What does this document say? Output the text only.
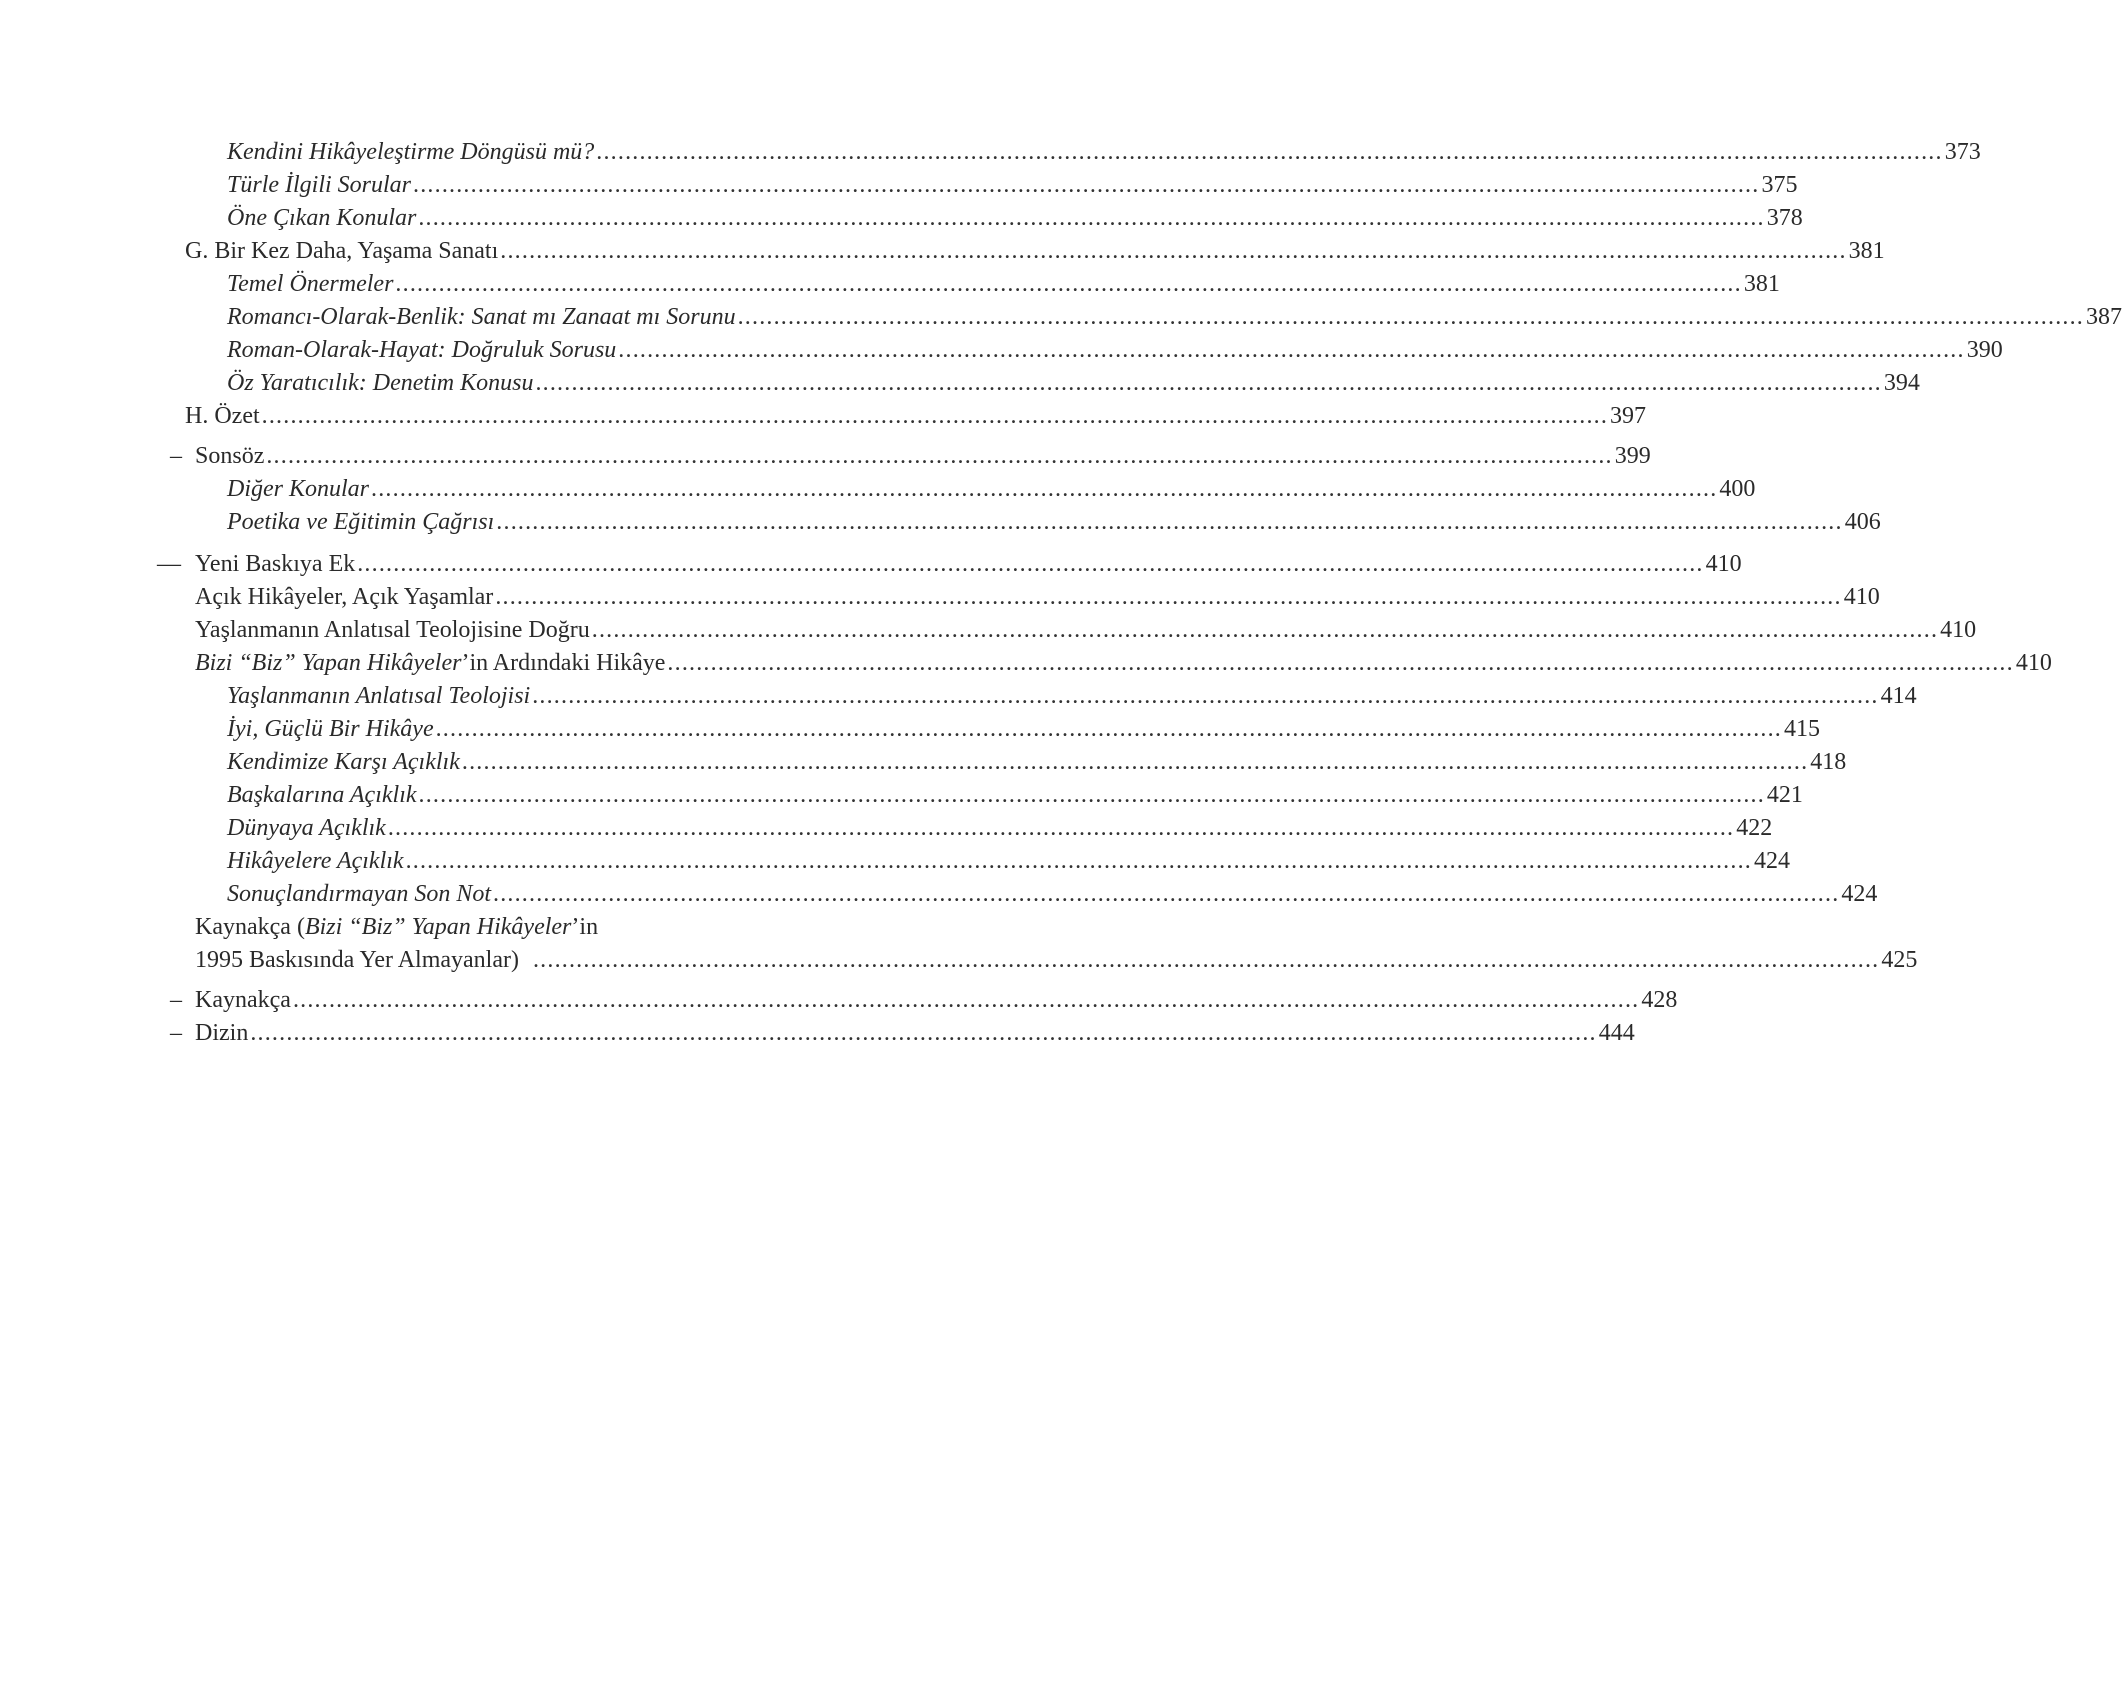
Kendini Hikâyeleştirme Döngüsü mü? ........................................................................................................................................................................................... 373
Türle İlgili Sorular ........................................................................................................................................................................................... 375
Öne Çıkan Konular ........................................................................................................................................................................................... 378
G. Bir Kez Daha, Yaşama Sanatı ........................................................................................................................................................................................... 381
Temel Önermeler ........................................................................................................................................................................................... 381
Romancı-Olarak-Benlik: Sanat mı Zanaat mı Sorunu ........................................................................................................................................................................................... 387
Roman-Olarak-Hayat: Doğruluk Sorusu ........................................................................................................................................................................................... 390
Öz Yaratıcılık: Denetim Konusu ........................................................................................................................................................................................... 394
H. Özet ........................................................................................................................................................................................... 397
– Sonsöz ........................................................................................................................................................................................... 399
Diğer Konular ........................................................................................................................................................................................... 400
Poetika ve Eğitimin Çağrısı ........................................................................................................................................................................................... 406
— Yeni Baskıya Ek ........................................................................................................................................................................................... 410
Açık Hikâyeler, Açık Yaşamlar ........................................................................................................................................................................................... 410
Yaşlanmanın Anlatısal Teolojisine Doğru ........................................................................................................................................................................................... 410
Bizi “Biz” Yapan Hikâyeler’in Ardındaki Hikâye ........................................................................................................................................................................................... 410
Yaşlanmanın Anlatısal Teolojisi ........................................................................................................................................................................................... 414
İyi, Güçlü Bir Hikâye ........................................................................................................................................................................................... 415
Kendimize Karşı Açıklık ........................................................................................................................................................................................... 418
Başkalarına Açıklık ........................................................................................................................................................................................... 421
Dünyaya Açıklık ........................................................................................................................................................................................... 422
Hikâyelere Açıklık ........................................................................................................................................................................................... 424
Sonuçlandırmayan Son Not ........................................................................................................................................................................................... 424
Kaynakça (Bizi “Biz” Yapan Hikâyeler’in
1995 Baskısında Yer Almayanlar) ........................................................................................................................................................................................... 425
– Kaynakça ........................................................................................................................................................................................... 428
– Dizin ........................................................................................................................................................................................... 444
